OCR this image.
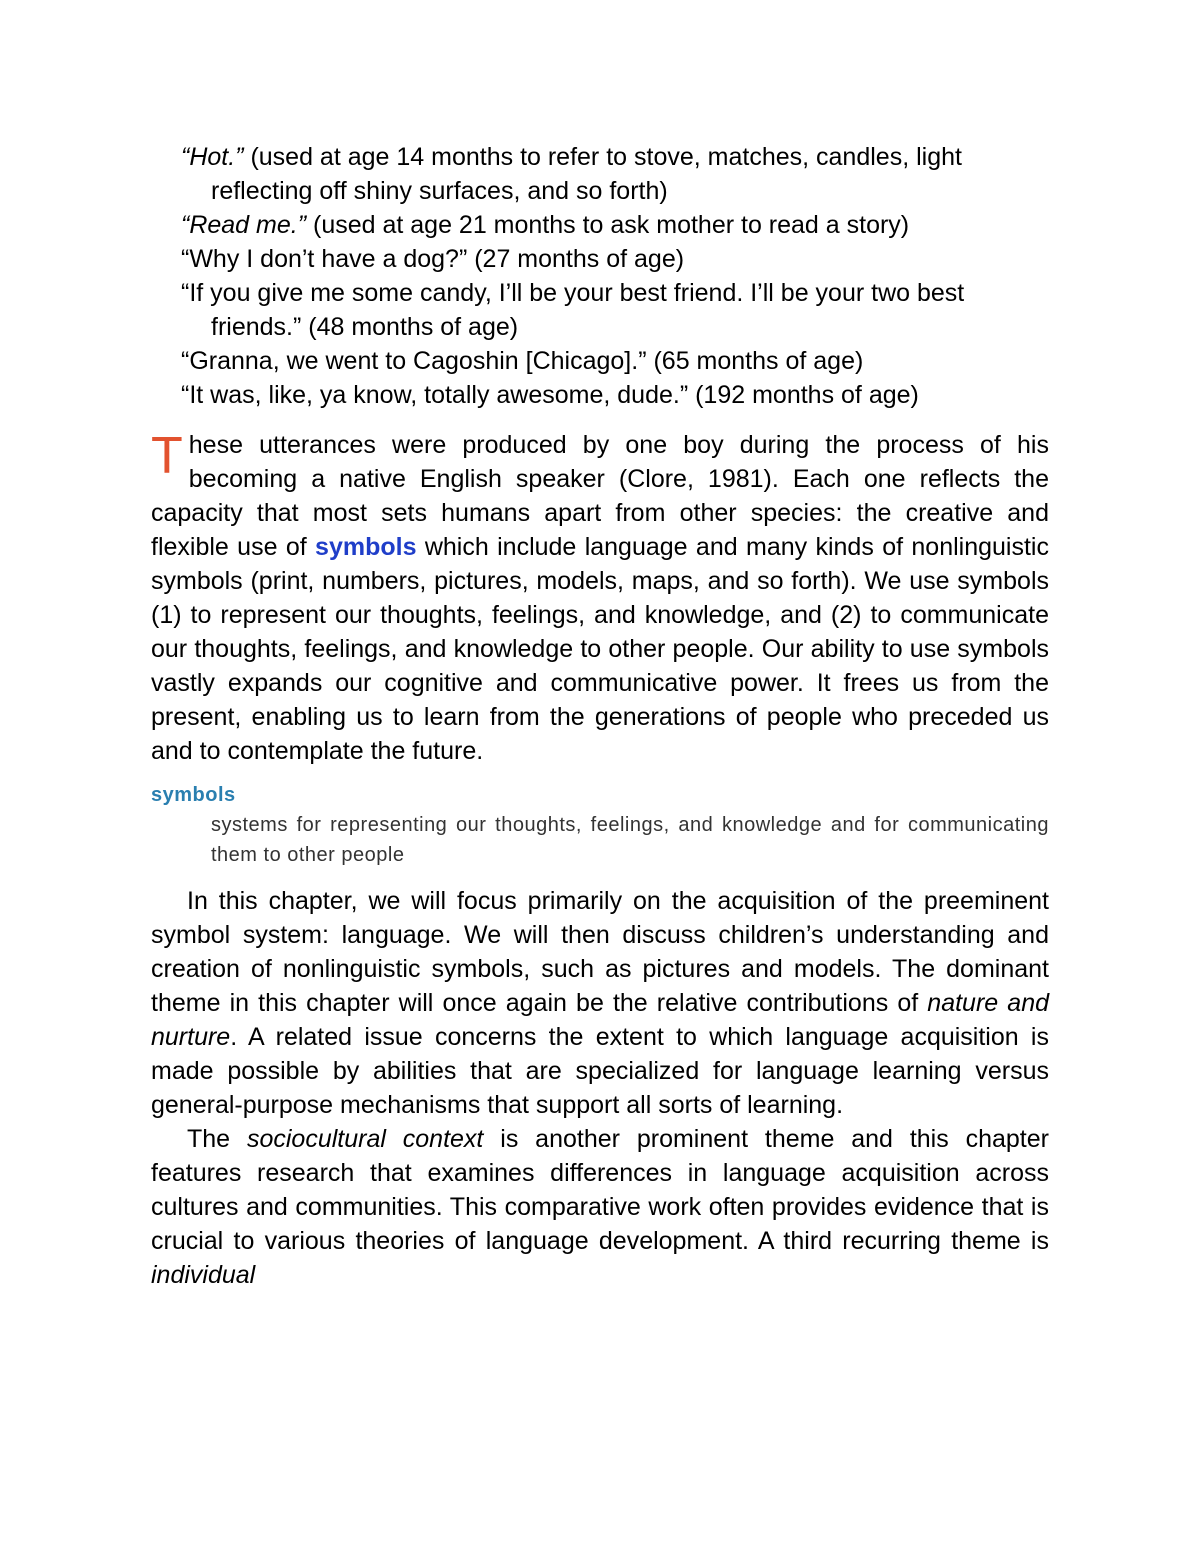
“Hot.” (used at age 14 months to refer to stove, matches, candles, light reflecting off shiny surfaces, and so forth)
“Read me.” (used at age 21 months to ask mother to read a story)
“Why I don’t have a dog?” (27 months of age)
“If you give me some candy, I’ll be your best friend. I’ll be your two best friends.” (48 months of age)
“Granna, we went to Cagoshin [Chicago].” (65 months of age)
“It was, like, ya know, totally awesome, dude.” (192 months of age)
These utterances were produced by one boy during the process of his becoming a native English speaker (Clore, 1981). Each one reflects the capacity that most sets humans apart from other species: the creative and flexible use of symbols which include language and many kinds of nonlinguistic symbols (print, numbers, pictures, models, maps, and so forth). We use symbols (1) to represent our thoughts, feelings, and knowledge, and (2) to communicate our thoughts, feelings, and knowledge to other people. Our ability to use symbols vastly expands our cognitive and communicative power. It frees us from the present, enabling us to learn from the generations of people who preceded us and to contemplate the future.
symbols
systems for representing our thoughts, feelings, and knowledge and for communicating them to other people
In this chapter, we will focus primarily on the acquisition of the preeminent symbol system: language. We will then discuss children’s understanding and creation of nonlinguistic symbols, such as pictures and models. The dominant theme in this chapter will once again be the relative contributions of nature and nurture. A related issue concerns the extent to which language acquisition is made possible by abilities that are specialized for language learning versus general-purpose mechanisms that support all sorts of learning.
The sociocultural context is another prominent theme and this chapter features research that examines differences in language acquisition across cultures and communities. This comparative work often provides evidence that is crucial to various theories of language development. A third recurring theme is individual
